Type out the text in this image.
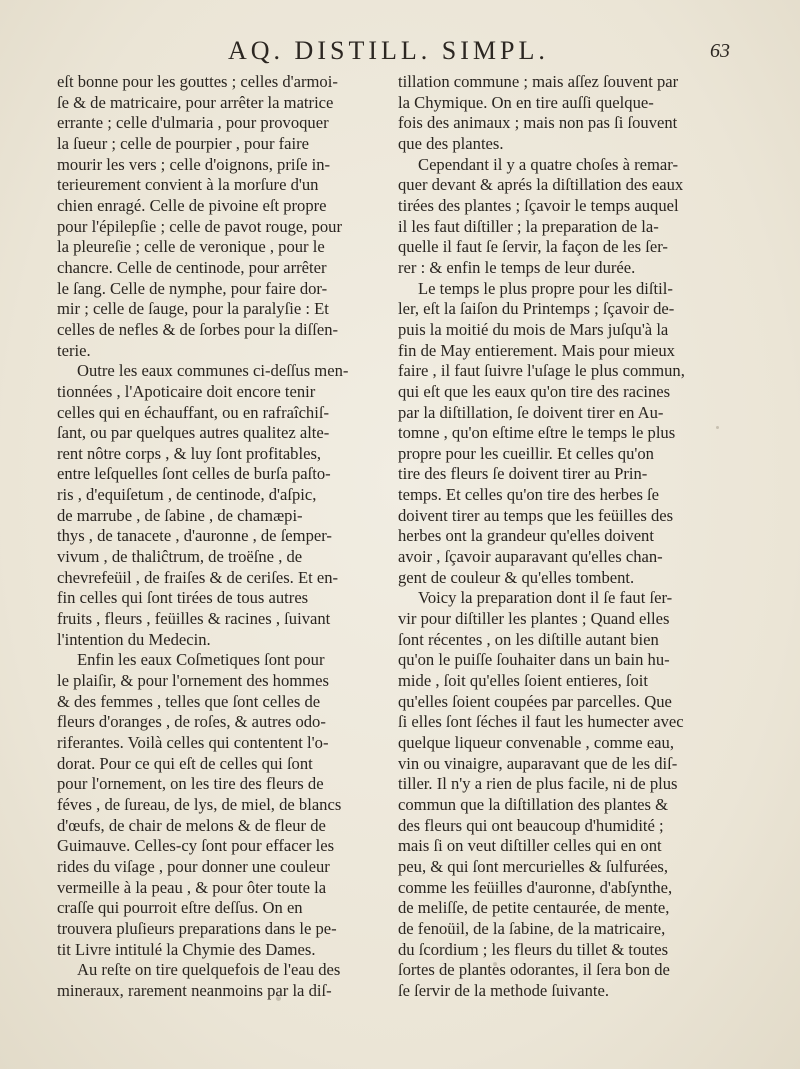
AQ. DISTILL. SIMPL.	63
eſt bonne pour les gouttes ; celles d'armoi-
ſe & de matricaire, pour arrêter la matrice
errante ; celle d'ulmaria , pour provoquer
la ſueur ; celle de pourpier , pour faire
mourir les vers ; celle d'oignons, priſe in-
terieurement convient à la morſure d'un
chien enragé. Celle de pivoine eſt propre
pour l'épilepſie ; celle de pavot rouge, pour
la pleureſie ; celle de veronique , pour le
chancre. Celle de centinode, pour arrêter
le ſang. Celle de nymphe, pour faire dor-
mir ; celle de ſauge, pour la paralyſie : Et
celles de nefles & de ſorbes pour la diſſen-
terie.
Outre les eaux communes ci-deſſus men-
tionnées , l'Apoticaire doit encore tenir
celles qui en échauffant, ou en rafraîchiſ-
ſant, ou par quelques autres qualitez alte-
rent nôtre corps , & luy ſont profitables,
entre leſquelles ſont celles de burſa paſto-
ris , d'equiſetum , de centinode, d'aſpic,
de marrube , de ſabine , de chamæpi-
thys , de tanacete , d'auronne , de ſemper-
vivum , de thaliĉtrum, de troëſne , de
chevrefeüil , de fraiſes & de ceriſes. Et en-
fin celles qui ſont tirées de tous autres
fruits , fleurs , feüilles & racines , ſuivant
l'intention du Medecin.
Enfin les eaux Coſmetiques ſont pour
le plaiſir, & pour l'ornement des hommes
& des femmes , telles que ſont celles de
fleurs d'oranges , de roſes, & autres odo-
riferantes. Voilà celles qui contentent l'o-
dorat. Pour ce qui eſt de celles qui ſont
pour l'ornement, on les tire des fleurs de
féves , de ſureau, de lys, de miel, de blancs
d'œufs, de chair de melons & de fleur de
Guimauve. Celles-cy ſont pour effacer les
rides du viſage , pour donner une couleur
vermeille à la peau , & pour ôter toute la
craſſe qui pourroit eſtre deſſus. On en
trouvera pluſieurs preparations dans le pe-
tit Livre intitulé la Chymie des Dames.
Au reſte on tire quelquefois de l'eau des
mineraux, rarement neanmoins par la diſ-
tillation commune ; mais aſſez ſouvent par
la Chymique. On en tire auſſi quelque-
fois des animaux ; mais non pas ſi ſouvent
que des plantes.
Cependant il y a quatre choſes à remar-
quer devant & aprés la diſtillation des eaux
tirées des plantes ; ſçavoir le temps auquel
il les faut diſtiller ; la preparation de la-
quelle il faut ſe ſervir, la façon de les ſer-
rer : & enfin le temps de leur durée.
Le temps le plus propre pour les diſtil-
ler, eſt la ſaiſon du Printemps ; ſçavoir de-
puis la moitié du mois de Mars juſqu'à la
fin de May entierement. Mais pour mieux
faire , il faut ſuivre l'uſage le plus commun,
qui eſt que les eaux qu'on tire des racines
par la diſtillation, ſe doivent tirer en Au-
tomne , qu'on eſtime eſtre le temps le plus
propre pour les cueillir. Et celles qu'on
tire des fleurs ſe doivent tirer au Prin-
temps. Et celles qu'on tire des herbes ſe
doivent tirer au temps que les feüilles des
herbes ont la grandeur qu'elles doivent
avoir , ſçavoir auparavant qu'elles chan-
gent de couleur & qu'elles tombent.
Voicy la preparation dont il ſe faut ſer-
vir pour diſtiller les plantes ; Quand elles
ſont récentes , on les diſtille autant bien
qu'on le puiſſe ſouhaiter dans un bain hu-
mide , ſoit qu'elles ſoient entieres, ſoit
qu'elles ſoient coupées par parcelles. Que
ſi elles ſont ſéches il faut les humecter avec
quelque liqueur convenable , comme eau,
vin ou vinaigre, auparavant que de les diſ-
tiller. Il n'y a rien de plus facile, ni de plus
commun que la diſtillation des plantes &
des fleurs qui ont beaucoup d'humidité ;
mais ſi on veut diſtiller celles qui en ont
peu, & qui ſont mercurielles & ſulfurées,
comme les feüilles d'auronne, d'abſynthe,
de meliſſe, de petite centaurée, de mente,
de fenoüil, de la ſabine, de la matricaire,
du ſcordium ; les fleurs du tillet & toutes
ſortes de plantes odorantes, il ſera bon de
ſe ſervir de la methode ſuivante.
